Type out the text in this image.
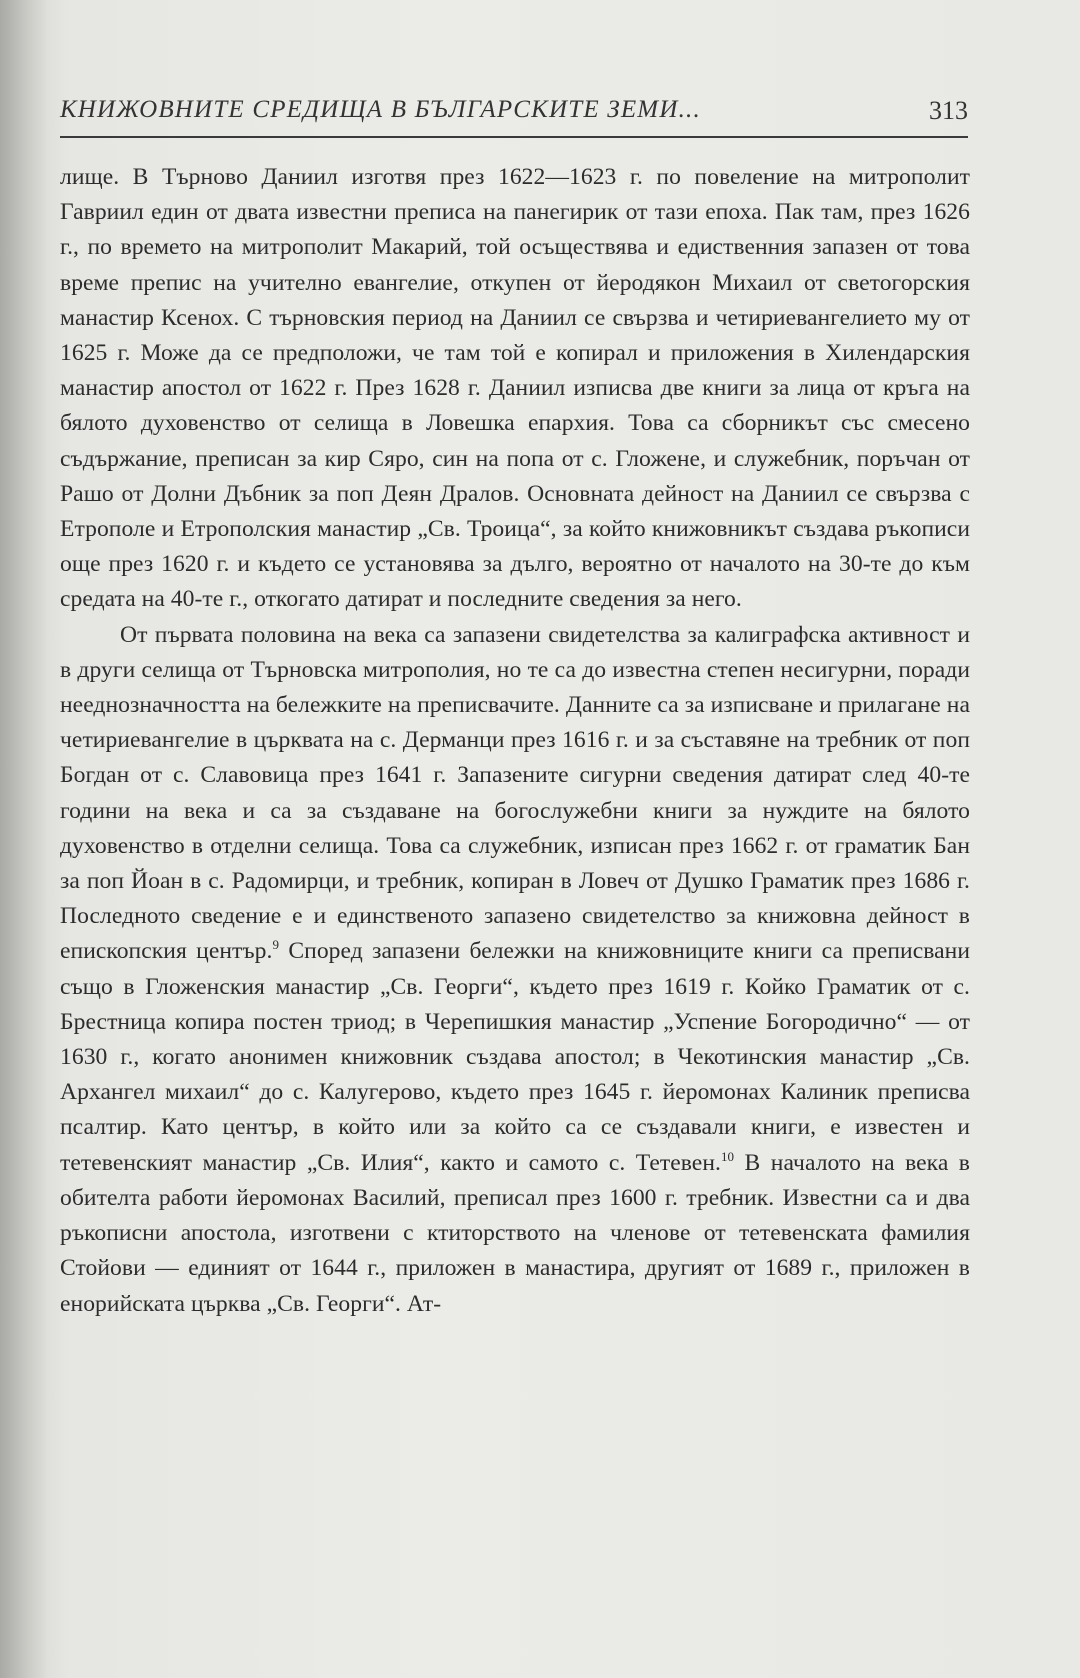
КНИЖОВНИТЕ СРЕДИЩА В БЪЛГАРСКИТЕ ЗЕМИ...	313

лище. В Търново Даниил изготвя през 1622—1623 г. по повеление на митрополит Гавриил един от двата известни преписа на панегирик от тази епоха. Пак там, през 1626 г., по времето на митрополит Макарий, той осъществява и едиственния запазен от това време препис на учително евангелие, откупен от йеродякон Михаил от светогорския манастир Ксенох. С търновския период на Даниил се свързва и четириевангелието му от 1625 г. Може да се предположи, че там той е копирал и приложения в Хилендарския манастир апостол от 1622 г. През 1628 г. Даниил изписва две книги за лица от кръга на бялото духовенство от селища в Ловешка епархия. Това са сборникът със смесено съдържание, преписан за кир Сяро, син на попа от с. Гложене, и служебник, поръчан от Рашо от Долни Дъбник за поп Деян Дралов. Основната дейност на Даниил се свързва с Етрополе и Етрополския манастир „Св. Троица“, за който книжовникът създава ръкописи още през 1620 г. и където се установява за дълго, вероятно от началото на 30-те до към средата на 40-те г., откогато датират и последните сведения за него.

От първата половина на века са запазени свидетелства за калиграфска активност и в други селища от Търновска митрополия, но те са до известна степен несигурни, поради нееднозначността на бележките на преписвачите. Данните са за изписване и прилагане на четириевангелие в църквата на с. Дерманци през 1616 г. и за съставяне на требник от поп Богдан от с. Славовица през 1641 г. Запазените сигурни сведения датират след 40-те години на века и са за създаване на богослужебни книги за нуждите на бялото духовенство в отделни селища. Това са служебник, изписан през 1662 г. от граматик Бан за поп Йоан в с. Радомирци, и требник, копиран в Ловеч от Душко Граматик през 1686 г. Последното сведение е и единственото запазено свидетелство за книжовна дейност в епископския център.$^9$ Според запазени бележки на книжовниците книги са преписвани също в Гложенския манастир „Св. Георги“, където през 1619 г. Койко Граматик от с. Брестница копира постен триод; в Черепишкия манастир „Успение Богородично“ — от 1630 г., когато анонимен книжовник създава апостол; в Чекотинския манастир „Св. Архангел михаил“ до с. Калугерово, където през 1645 г. йеромонах Калиник преписва псалтир. Като център, в който или за който са се създавали книги, е известен и тетевенският манастир „Св. Илия“, както и самото с. Тетевен.$^{10}$ В началото на века в обителта работи йеромонах Василий, преписал през 1600 г. требник. Известни са и два ръкописни апостола, изготвени с ктиторството на членове от тетевенската фамилия Стойови — единият от 1644 г., приложен в манастира, другият от 1689 г., приложен в енорийската църква „Св. Георги“. Ат-
